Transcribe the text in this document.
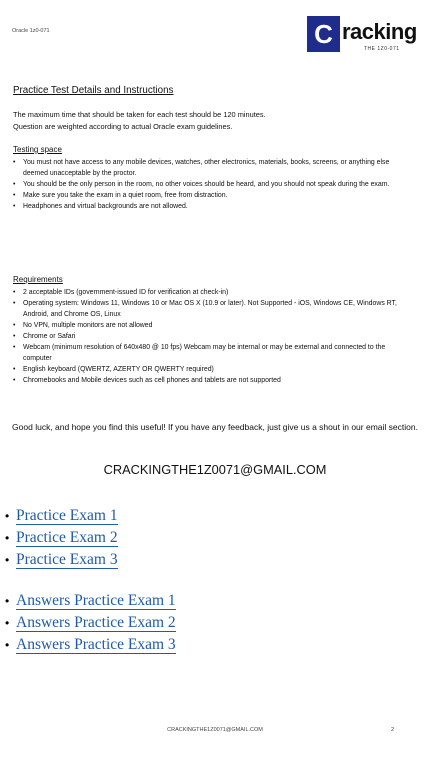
Oracle 1z0-071	C racking
THE 1Z0-071
Practice Test Details and Instructions
The maximum time that should be taken for each test should be 120 minutes.
Question are weighted according to actual Oracle exam guidelines.
Testing space
• You must not have access to any mobile devices, watches, other electronics, materials, books, screens, or anything else deemed unacceptable by the proctor.
• You should be the only person in the room, no other voices should be heard, and you should not speak during the exam.
• Make sure you take the exam in a quiet room, free from distraction.
• Headphones and virtual backgrounds are not allowed.
Requirements
• 2 acceptable IDs (government-issued ID for verification at check-in)
• Operating system: Windows 11, Windows 10 or Mac OS X (10.9 or later). Not Supported - iOS, Windows CE, Windows RT, Android, and Chrome OS, Linux
• No VPN, multiple monitors are not allowed
• Chrome or Safari
• Webcam (minimum resolution of 640x480 @ 10 fps) Webcam may be internal or may be external and connected to the computer
• English keyboard (QWERTZ, AZERTY OR QWERTY required)
• Chromebooks and Mobile devices such as cell phones and tablets are not supported
Good luck, and hope you find this useful! If you have any feedback, just give us a shout in our email section.
CRACKINGTHE1Z0071@GMAIL.COM
• Practice Exam 1
• Practice Exam 2
• Practice Exam 3
• Answers Practice Exam 1
• Answers Practice Exam 2
• Answers Practice Exam 3
CRACKINGTHE1Z0071@GMAIL.COM	2
